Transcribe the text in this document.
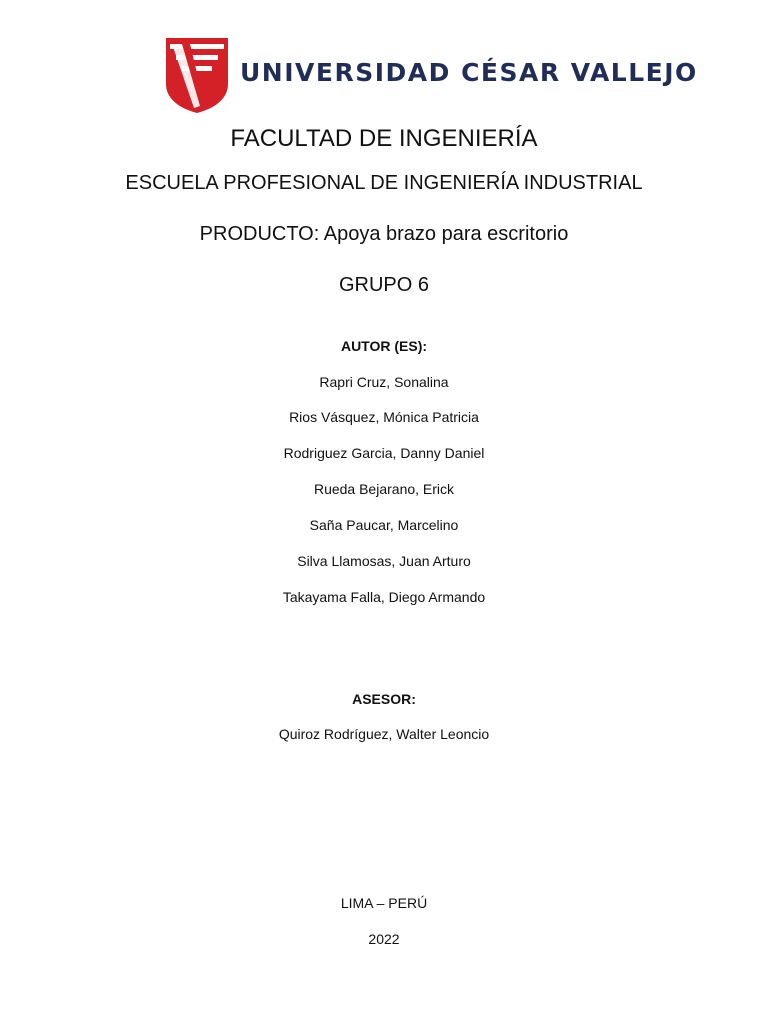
UNIVERSIDAD CÉSAR VALLEJO
FACULTAD DE INGENIERÍA
ESCUELA PROFESIONAL DE INGENIERÍA INDUSTRIAL
PRODUCTO: Apoya brazo para escritorio
GRUPO 6
AUTOR (ES):
Rapri Cruz, Sonalina
Rios Vásquez, Mónica Patricia
Rodriguez Garcia, Danny Daniel
Rueda Bejarano, Erick
Saña Paucar, Marcelino
Silva Llamosas, Juan Arturo
Takayama Falla, Diego Armando
ASESOR:
Quiroz Rodríguez, Walter Leoncio
LIMA – PERÚ
2022
